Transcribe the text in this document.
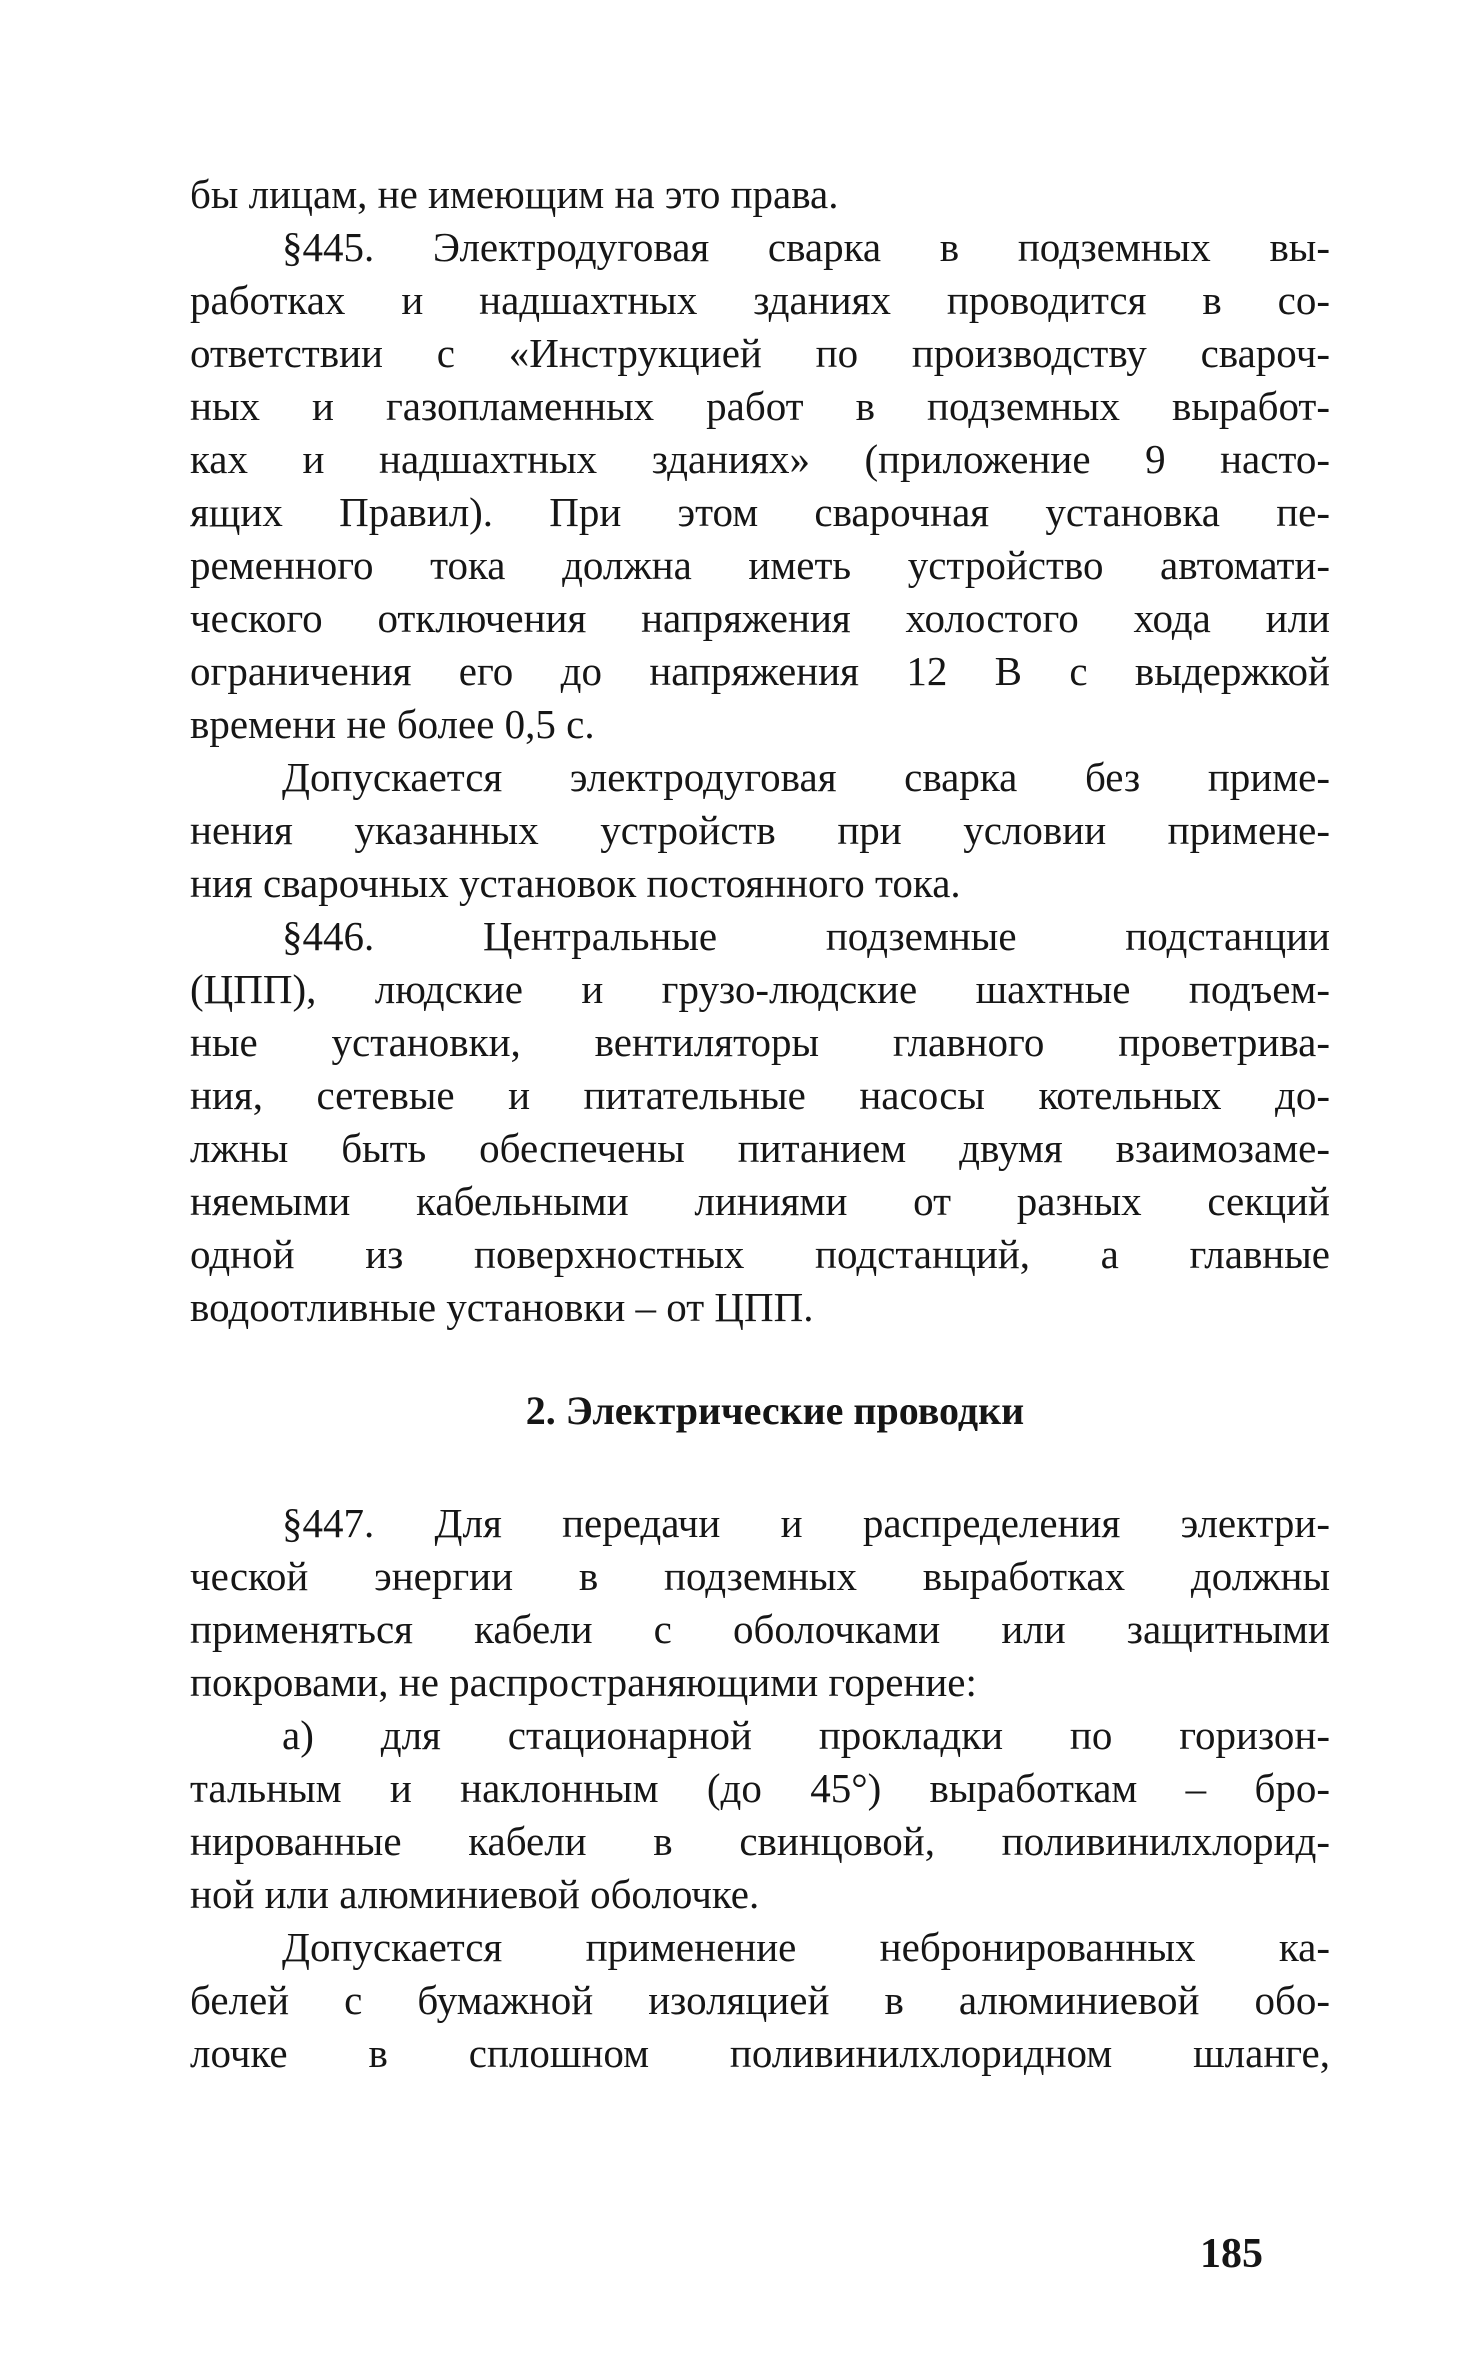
бы лицам, не имеющим на это права.
§445. Электродуговая сварка в подземных вы-
работках и надшахтных зданиях проводится в со-
ответствии с «Инструкцией по производству свароч-
ных и газопламенных работ в подземных выработ-
ках и надшахтных зданиях» (приложение 9 насто-
ящих Правил). При этом сварочная установка пе-
ременного тока должна иметь устройство автомати-
ческого отключения напряжения холостого хода или
ограничения его до напряжения 12 В с выдержкой
времени не более 0,5 с.
Допускается электродуговая сварка без приме-
нения указанных устройств при условии применe-
ния сварочных установок постоянного тока.
§446. Центральные подземные подстанции
(ЦПП), людские и грузо-людские шахтные подъем-
ные установки, вентиляторы главного проветрива-
ния, сетевые и питательные насосы котельных до-
лжны быть обеспечены питанием двумя взаимозаме-
няемыми кабельными линиями от разных секций
одной из поверхностных подстанций, а главные
водоотливные установки – от ЦПП.
2. Электрические проводки
§447. Для передачи и распределения электри-
ческой энергии в подземных выработках должны
применяться кабели с оболочками или защитными
покровами, не распространяющими горение:
а) для стационарной прокладки по горизон-
тальным и наклонным (до 45°) выработкам – бро-
нированные кабели в свинцовой, поливинилхлорид-
ной или алюминиевой оболочке.
Допускается применение небронированных ка-
белей с бумажной изоляцией в алюминиевой обо-
лочке в сплошном поливинилхлоридном шланге,
185
